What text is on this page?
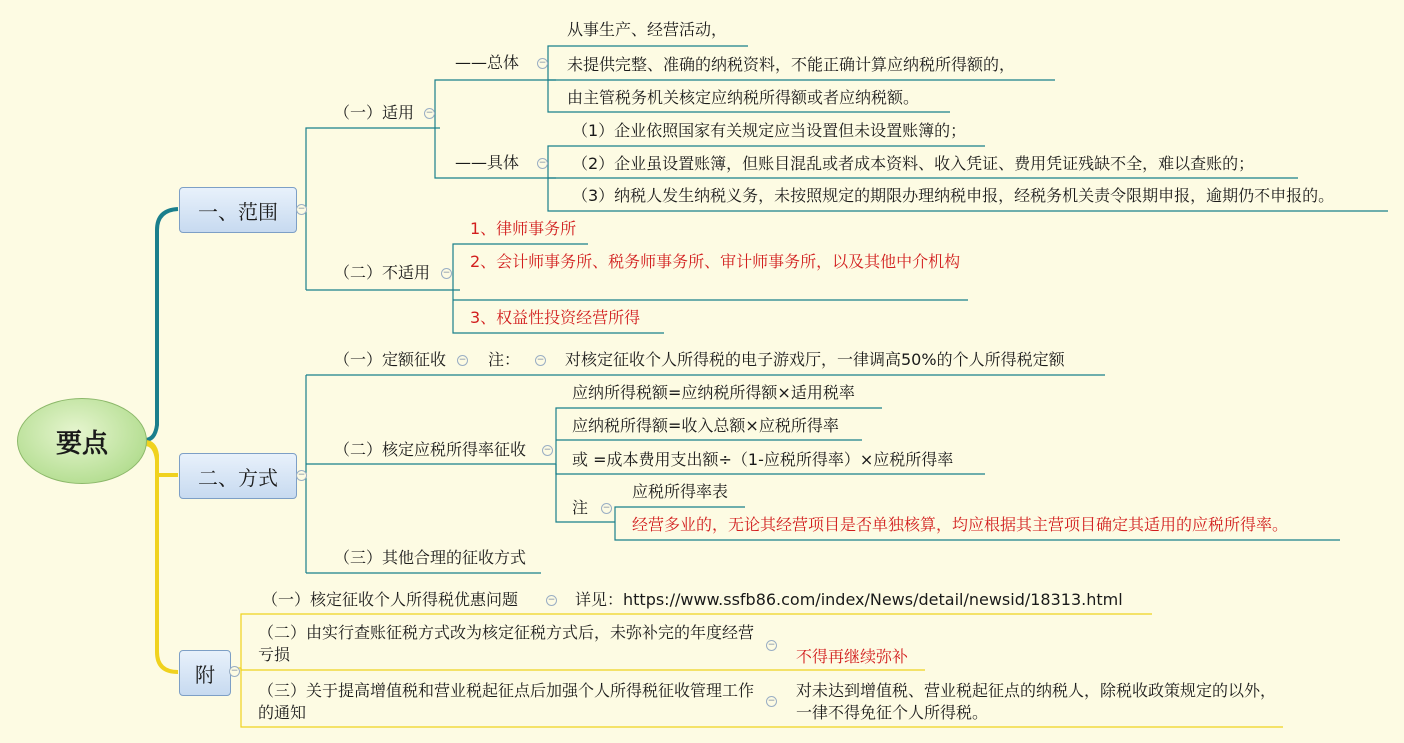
要点
一、范围	−
二、方式	−
附	−
（一）适用 −
——总体 −
从事生产、经营活动，
未提供完整、准确的纳税资料，不能正确计算应纳税所得额的，
由主管税务机关核定应纳税所得额或者应纳税额。
——具体 −
（1）企业依照国家有关规定应当设置但未设置账簿的；
（2）企业虽设置账簿，但账目混乱或者成本资料、收入凭证、费用凭证残缺不全，难以查账的；
（3）纳税人发生纳税义务，未按照规定的期限办理纳税申报，经税务机关责令限期申报，逾期仍不申报的。
（二）不适用 −
1、律师事务所
2、会计师事务所、税务师事务所、审计师事务所，以及其他中介机构
3、权益性投资经营所得
（一）定额征收 − 注： − 对核定征收个人所得税的电子游戏厅，一律调高50%的个人所得税定额
（二）核定应税所得率征收 −
应纳所得税额=应纳税所得额×适用税率
应纳税所得额=收入总额×应税所得率
或 =成本费用支出额÷（1-应税所得率）×应税所得率
注 −
应税所得率表
经营多业的，无论其经营项目是否单独核算，均应根据其主营项目确定其适用的应税所得率。
（三）其他合理的征收方式
（一）核定征收个人所得税优惠问题	− 详见：https://www.ssfb86.com/index/News/detail/newsid/18313.html
（二）由实行查账征税方式改为核定征税方式后，未弥补完的年度经营亏损	−
不得再继续弥补
（三）关于提高增值税和营业税起征点后加强个人所得税征收管理工作的通知
−
对未达到增值税、营业税起征点的纳税人，除税收政策规定的以外，一律不得免征个人所得税。
